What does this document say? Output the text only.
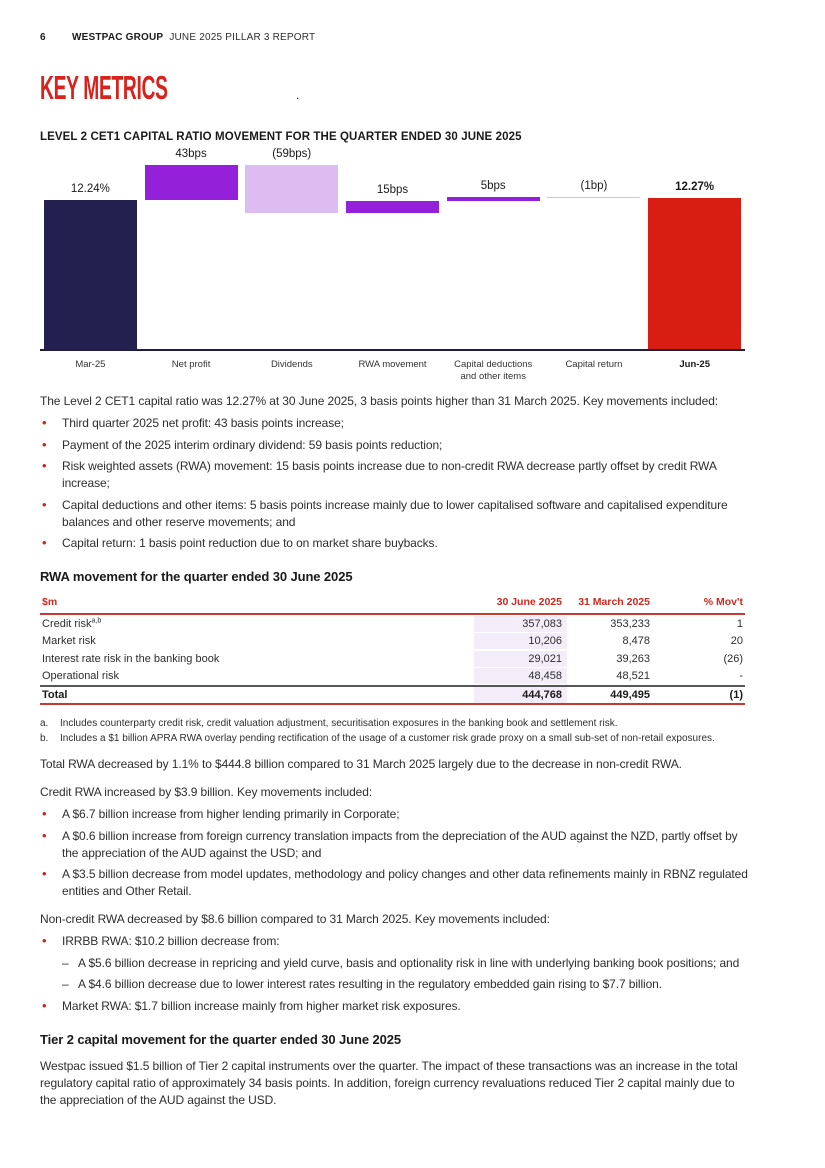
6	WESTPAC GROUP JUNE 2025 PILLAR 3 REPORT
KEY METRICS	.
LEVEL 2 CET1 CAPITAL RATIO MOVEMENT FOR THE QUARTER ENDED 30 JUNE 2025
12.24%
43bps	(59bps)
15bps	5bps	(1bp)	12.27%
Mar-25	Net profit	Dividends	RWA movement	Capital deductions and other items
Capital return	Jun-25

The Level 2 CET1 capital ratio was 12.27% at 30 June 2025, 3 basis points higher than 31 March 2025. Key movements included:

• Third quarter 2025 net profit: 43 basis points increase;
• Payment of the 2025 interim ordinary dividend: 59 basis points reduction;
• Risk weighted assets (RWA) movement: 15 basis points increase due to non-credit RWA decrease partly offset by credit RWA increase;
• Capital deductions and other items: 5 basis points increase mainly due to lower capitalised software and capitalised expenditure balances and other reserve movements; and
• Capital return: 1 basis point reduction due to on market share buybacks.
RWA movement for the quarter ended 30 June 2025
$m	30 June 2025	31 March 2025	% Mov't
Credit risk$^{a,b}$	357,083	353,233	1
Market risk	10,206	8,478	20
Interest rate risk in the banking book	29,021	39,263	(26)
Operational risk	48,458	48,521	-
Total	444,768	449,495	(1)
a.	Includes counterparty credit risk, credit valuation adjustment, securitisation exposures in the banking book and settlement risk.
b.	Includes a $1 billion APRA RWA overlay pending rectification of the usage of a customer risk grade proxy on a small sub-set of non-retail exposures.

Total RWA decreased by 1.1% to $444.8 billion compared to 31 March 2025 largely due to the decrease in non-credit RWA.

Credit RWA increased by $3.9 billion. Key movements included:

• A $6.7 billion increase from higher lending primarily in Corporate;
• A $0.6 billion increase from foreign currency translation impacts from the depreciation of the AUD against the NZD, partly offset by the appreciation of the AUD against the USD; and
• A $3.5 billion decrease from model updates, methodology and policy changes and other data refinements mainly in RBNZ regulated entities and Other Retail.

Non-credit RWA decreased by $8.6 billion compared to 31 March 2025. Key movements included:

• IRRBB RWA: $10.2 billion decrease from:
– A $5.6 billion decrease in repricing and yield curve, basis and optionality risk in line with underlying banking book positions; and
– A $4.6 billion decrease due to lower interest rates resulting in the regulatory embedded gain rising to $7.7 billion.
• Market RWA: $1.7 billion increase mainly from higher market risk exposures.
Tier 2 capital movement for the quarter ended 30 June 2025

Westpac issued $1.5 billion of Tier 2 capital instruments over the quarter. The impact of these transactions was an increase in the total regulatory capital ratio of approximately 34 basis points. In addition, foreign currency revaluations reduced Tier 2 capital mainly due to the appreciation of the AUD against the USD.
